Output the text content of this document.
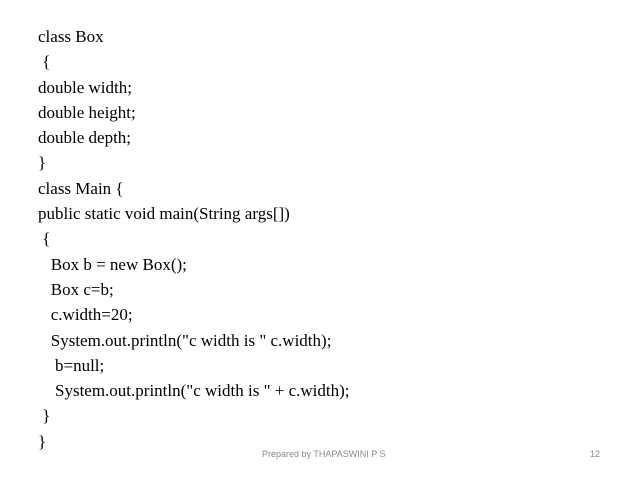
class Box
{
double width;
double height;
double depth;
}
class Main {
public static void main(String args[])
{
Box b = new Box();
Box c=b;
c.width=20;
System.out.println("c width is " c.width);
b=null;
System.out.println("c width is " + c.width);
}
}
Prepared by THAPASWINI P S	12
